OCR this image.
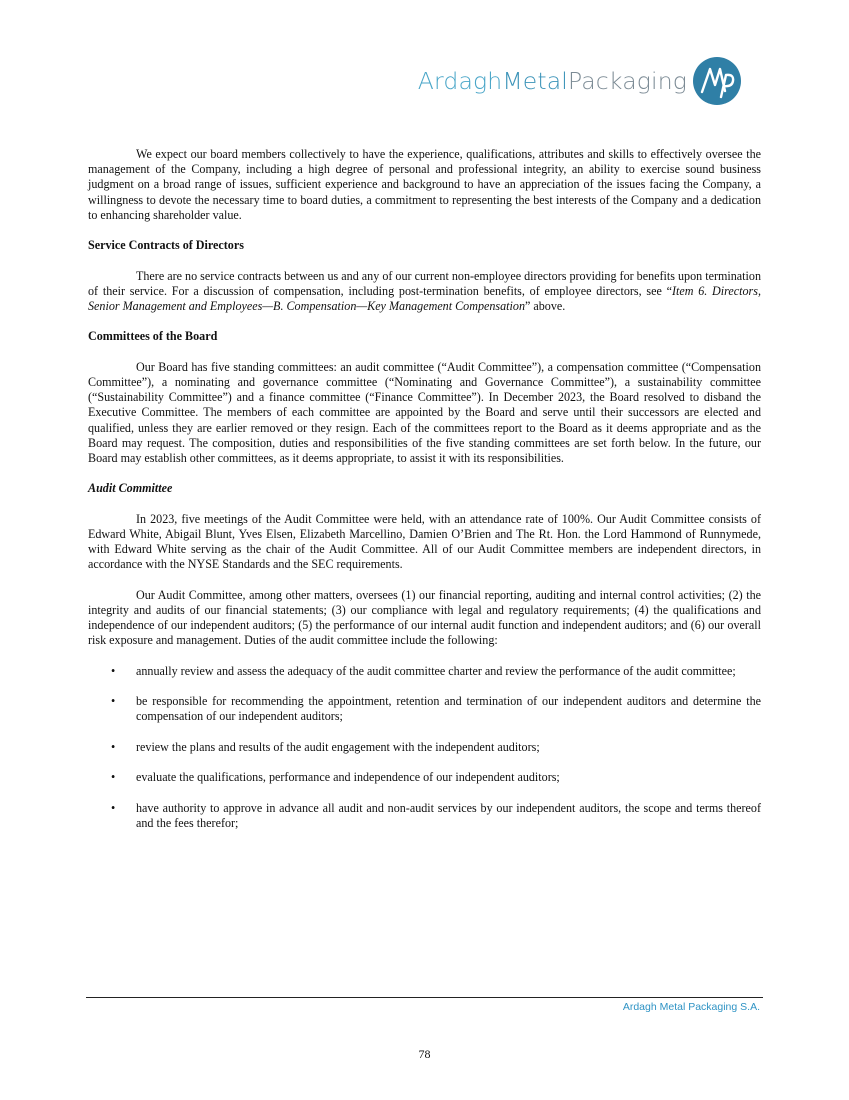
ArdaghMetalPackaging

We expect our board members collectively to have the experience, qualifications, attributes and skills to effectively oversee the management of the Company, including a high degree of personal and professional integrity, an ability to exercise sound business judgment on a broad range of issues, sufficient experience and background to have an appreciation of the issues facing the Company, a willingness to devote the necessary time to board duties, a commitment to representing the best interests of the Company and a dedication to enhancing shareholder value.

Service Contracts of Directors

There are no service contracts between us and any of our current non-employee directors providing for benefits upon termination of their service. For a discussion of compensation, including post-termination benefits, of employee directors, see “Item 6. Directors, Senior Management and Employees—B. Compensation—Key Management Compensation” above.

Committees of the Board

Our Board has five standing committees: an audit committee (“Audit Committee”), a compensation committee (“Compensation Committee”), a nominating and governance committee (“Nominating and Governance Committee”), a sustainability committee (“Sustainability Committee”) and a finance committee (“Finance Committee”). In December 2023, the Board resolved to disband the Executive Committee. The members of each committee are appointed by the Board and serve until their successors are elected and qualified, unless they are earlier removed or they resign. Each of the committees report to the Board as it deems appropriate and as the Board may request. The composition, duties and responsibilities of the five standing committees are set forth below. In the future, our Board may establish other committees, as it deems appropriate, to assist it with its responsibilities.

Audit Committee

In 2023, five meetings of the Audit Committee were held, with an attendance rate of 100%. Our Audit Committee consists of Edward White, Abigail Blunt, Yves Elsen, Elizabeth Marcellino, Damien O’Brien and The Rt. Hon. the Lord Hammond of Runnymede, with Edward White serving as the chair of the Audit Committee. All of our Audit Committee members are independent directors, in accordance with the NYSE Standards and the SEC requirements.

Our Audit Committee, among other matters, oversees (1) our financial reporting, auditing and internal control activities; (2) the integrity and audits of our financial statements; (3) our compliance with legal and regulatory requirements; (4) the qualifications and independence of our independent auditors; (5) the performance of our internal audit function and independent auditors; and (6) our overall risk exposure and management. Duties of the audit committee include the following:

• annually review and assess the adequacy of the audit committee charter and review the performance of the audit committee;
• be responsible for recommending the appointment, retention and termination of our independent auditors and determine the compensation of our independent auditors;
• review the plans and results of the audit engagement with the independent auditors;
• evaluate the qualifications, performance and independence of our independent auditors;
• have authority to approve in advance all audit and non-audit services by our independent auditors, the scope and terms thereof and the fees therefor;
Ardagh Metal Packaging S.A.
78
